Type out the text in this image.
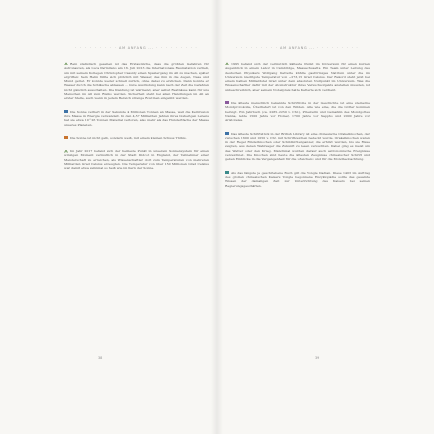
· · · · · · · · · AM ANFANG ... · · · · · · · · ·

Rein statistisch gesehen ist das Erstaunliche, dass die größten Gefahren für Astronauten, als Luca Parmitano am 16. Juli 2013 die Internationale Raumstation verließ, um mit seinem Kollegen Christopher Cassidy einen Spaziergang im All zu machen, später ergriffen: Sein Helm füllte sich plötzlich mit Wasser, das ihm in die Augen, Nase und Mund geriet. Er konnte weder schnell zurück, ohne dabei zu ersticken. Dann konnte er Wasser durch die Schläuche ablassen ... Gute Ausrüstung kann nach der Zeit die Gefahren nicht gänzlich ausschalten. Die Kleidung ist wärmend, aber selbst Restnässe kann für uns Menschen im All zum Risiko werden. Sicherheit steht bei allen Handlungen im All an erster Stelle, auch wenn in jedem Bereich strenge Routinen eingeübt werden.

Die Sonne verliert in der Sekunde 4 Millionen Tonnen an Masse, weil die Kernfusion ihre Masse in Energie verwandelt. In den 4,57 Milliarden Jahren ihres bisherigen Lebens hat sie etwa 10^26 Tonnen Material verloren, also mehr als das Hundertfache der Masse unseres Planeten.

Die Sonne ist nicht gelb, sondern weiß, mit einem kleinen Schuss Türkis.

Im Jahr 2017 befand sich der heißeste Punkt in unserem Sonnensystem für einen winzigen Moment vermutlich in der Stadt Didcot in England, der Teilnehmer einer Meisterschaft zu erreichen, als Wissenschaftler dort zum Temperaturen von mehreren Milliarden Grad Celsius erzeugten. Die Temperatur von über 150 Millionen Grad Celsius war damit etwa zehnmal so heiß wie im Kern der Sonne.

38
· · · · · · · · · AM ANFANG ... · · · · · · · · ·

1995 befand sich der vermutlich kälteste Punkt im Universum für einen kurzen Augenblick in einem Labor in Cambridge, Massachusetts. Ein Team unter Leitung des deutschen Physikers Wolfgang Ketterle kühlte gasförmiges Natrium unter die im Universum niedrigste Temperatur von −273,15 Grad Celsius. Der Rekord steht jetzt bei einem halben Milliardstel Grad unter dem absoluten Nullpunkt im Universum. Was die Wissenschaftler dafür mit der Atomstruktur ihres Versuchsobjekts anstellen mussten, ist unbeschreiblich, aber seinem Nobelpreis hatte Ketterle sich verdient.

Die älteste menschlich bekannte Schriftrolle in der Geschichte ist eine steinerne Mondprotokolle, Überliefert ist von den Wilden. Alle wie eine, die die Götter kommen beruigt. Ein Jahrbuch (ca. 2285–2250 v. Chr.), Priesterin und Gemahlin des Mondgottes Nanna, lebte 1500 Jahre vor Homer, 1700 Jahre vor Sappho und 2000 Jahre vor Aristoteles.

Das älteste Schriftstück in der British Library ist eine chinesische Orakelknochen, der zwischen 1600 und 1050 v. Chr. mit Schriftzeichen bedeckt wurde. Orakelknochen waren in der Regel Rinderknochen oder Schildkrötenpanzer, die erhitzt wurden, bis sie Risse zeigten, aus denen Wahrsager die Zukunft zu lesen versuchten. Dabei ging es meist um das Wetter oder den Krieg. Manchmal wurden darauf auch astronomische Ereignisse verzeichnet. Die Knochen sind heute die ältesten Zeugnisse chinesischer Schrift und geben Einblicke in die Vergangenheit für die »Zeichen« und für die Mondbeobachtung.

Als das längste je geschriebene Buch gilt die Yongle Dadian. Diese 1403 im Auftrag des großen chinesischen Kaisers Yongle begonnene Enzyklopädie sollte das gesamte Wissen der damaligen Zeit zur Unterrichtung des Kaisers bei seinen Regierungsgeschäften.

39
